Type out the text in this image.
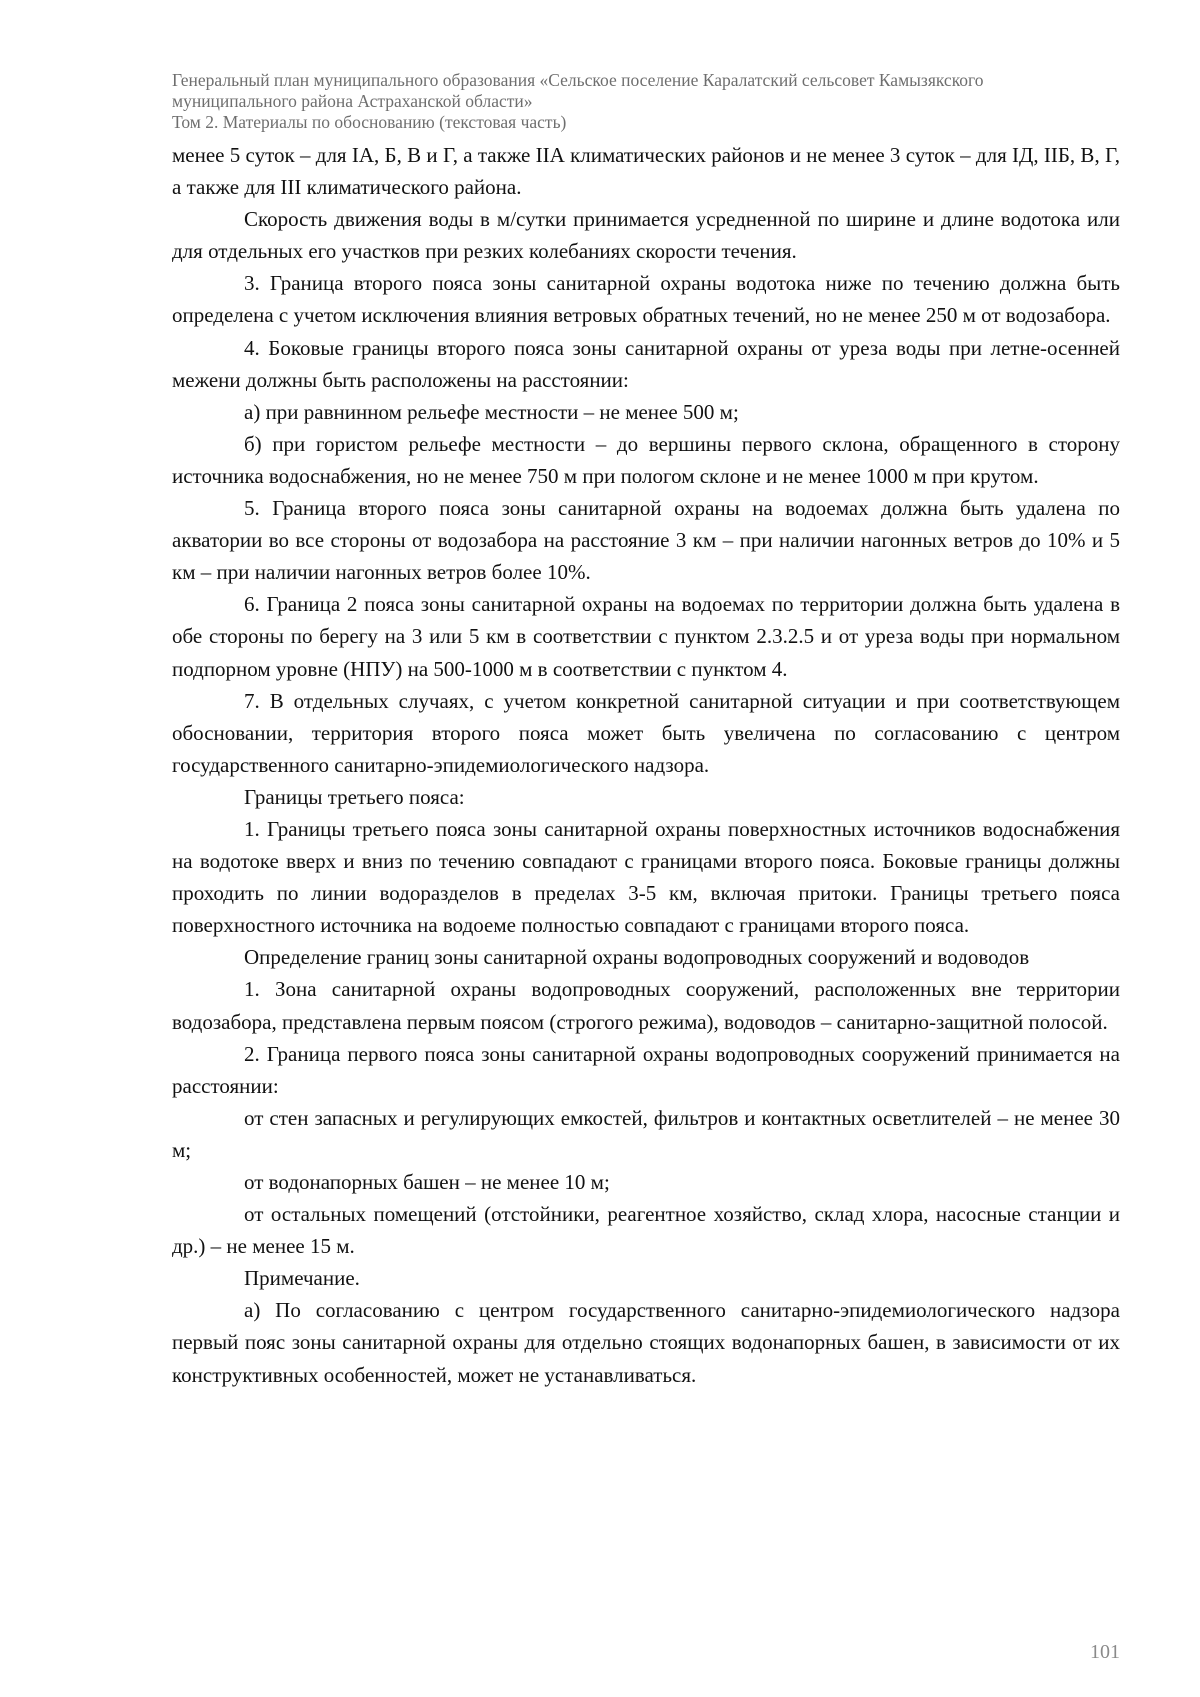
Генеральный план муниципального образования «Сельское поселение Каралатский сельсовет Камызякского
муниципального района Астраханской области»
Том 2. Материалы по обоснованию (текстовая часть)

менее 5 суток – для IА, Б, В и Г, а также IIА климатических районов и не менее 3 суток – для IД, IIБ, В, Г, а также для III климатического района.

Скорость движения воды в м/сутки принимается усредненной по ширине и длине водотока или для отдельных его участков при резких колебаниях скорости течения.

3. Граница второго пояса зоны санитарной охраны водотока ниже по течению должна быть определена с учетом исключения влияния ветровых обратных течений, но не менее 250 м от водозабора.

4. Боковые границы второго пояса зоны санитарной охраны от уреза воды при летне-осенней межени должны быть расположены на расстоянии:

а) при равнинном рельефе местности – не менее 500 м;

б) при гористом рельефе местности – до вершины первого склона, обращенного в сторону источника водоснабжения, но не менее 750 м при пологом склоне и не менее 1000 м при крутом.

5. Граница второго пояса зоны санитарной охраны на водоемах должна быть удалена по акватории во все стороны от водозабора на расстояние 3 км – при наличии нагонных ветров до 10% и 5 км – при наличии нагонных ветров более 10%.

6. Граница 2 пояса зоны санитарной охраны на водоемах по территории должна быть удалена в обе стороны по берегу на 3 или 5 км в соответствии с пунктом 2.3.2.5 и от уреза воды при нормальном подпорном уровне (НПУ) на 500-1000 м в соответствии с пунктом 4.

7. В отдельных случаях, с учетом конкретной санитарной ситуации и при соответствующем обосновании, территория второго пояса может быть увеличена по согласованию с центром государственного санитарно-эпидемиологического надзора.

Границы третьего пояса:

1. Границы третьего пояса зоны санитарной охраны поверхностных источников водоснабжения на водотоке вверх и вниз по течению совпадают с границами второго пояса. Боковые границы должны проходить по линии водоразделов в пределах 3-5 км, включая притоки. Границы третьего пояса поверхностного источника на водоеме полностью совпадают с границами второго пояса.

Определение границ зоны санитарной охраны водопроводных сооружений и водоводов

1. Зона санитарной охраны водопроводных сооружений, расположенных вне территории водозабора, представлена первым поясом (строгого режима), водоводов – санитарно-защитной полосой.

2. Граница первого пояса зоны санитарной охраны водопроводных сооружений принимается на расстоянии:

от стен запасных и регулирующих емкостей, фильтров и контактных осветлителей – не менее 30 м;

от водонапорных башен – не менее 10 м;

от остальных помещений (отстойники, реагентное хозяйство, склад хлора, насосные станции и др.) – не менее 15 м.

Примечание.

а) По согласованию с центром государственного санитарно-эпидемиологического надзора первый пояс зоны санитарной охраны для отдельно стоящих водонапорных башен, в зависимости от их конструктивных особенностей, может не устанавливаться.

101
